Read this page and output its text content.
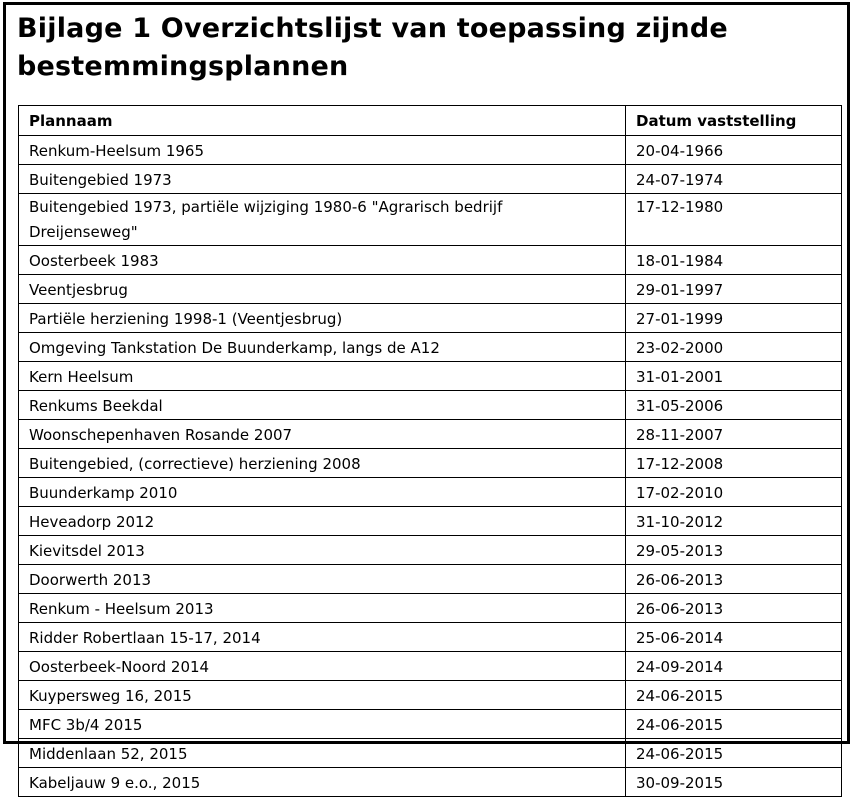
Bijlage 1 Overzichtslijst van toepassing zijnde
bestemmingsplannen
Plannaam	Datum vaststelling
Renkum-Heelsum 1965	20-04-1966
Buitengebied 1973	24-07-1974
Buitengebied 1973, partiële wijziging 1980-6 "Agrarisch bedrijf
Dreijenseweg"	17-12-1980
Oosterbeek 1983	18-01-1984
Veentjesbrug	29-01-1997
Partiële herziening 1998-1 (Veentjesbrug)	27-01-1999
Omgeving Tankstation De Buunderkamp, langs de A12	23-02-2000
Kern Heelsum	31-01-2001
Renkums Beekdal	31-05-2006
Woonschepenhaven Rosande 2007	28-11-2007
Buitengebied, (correctieve) herziening 2008	17-12-2008
Buunderkamp 2010	17-02-2010
Heveadorp 2012	31-10-2012
Kievitsdel 2013	29-05-2013
Doorwerth 2013	26-06-2013
Renkum - Heelsum 2013	26-06-2013
Ridder Robertlaan 15-17, 2014	25-06-2014
Oosterbeek-Noord 2014	24-09-2014
Kuypersweg 16, 2015	24-06-2015
MFC 3b/4 2015	24-06-2015
Middenlaan 52, 2015	24-06-2015
Kabeljauw 9 e.o., 2015	30-09-2015
